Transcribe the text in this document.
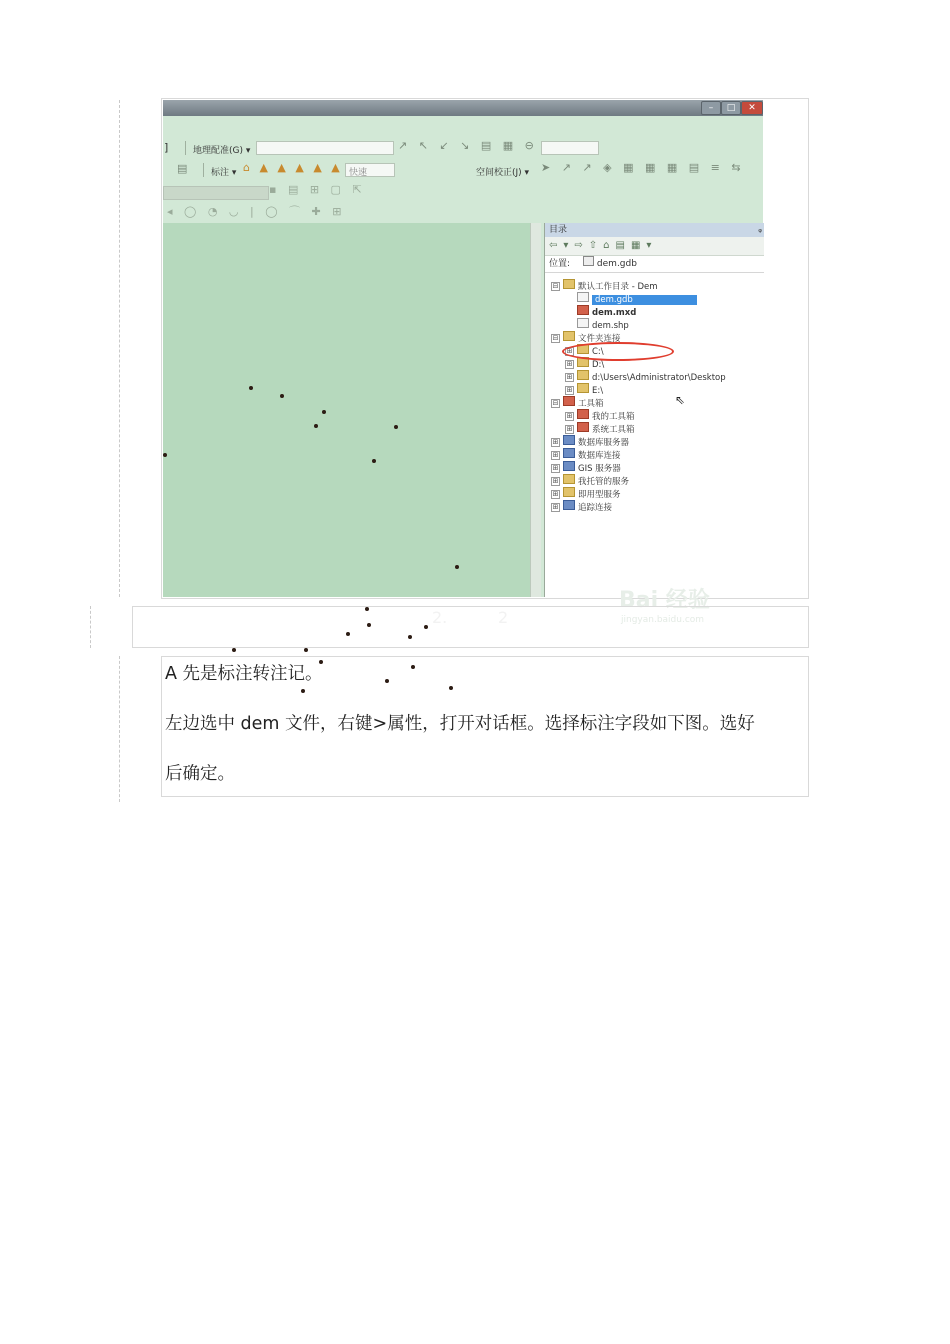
–	□	✕
]	地理配准(G) ▾	↗ ↖ ↙ ↘ ▤ ▦ ⊖
▤	标注 ▾ ⌂ ▲ ▲ ▲ ▲ ▲ 快速	空间校正(J) ▾ ➤ ↗ ↗ ◈ ▦ ▦ ▦ ▤ ≡ ⇆
▪ ▤ ⊞ ▢ ⇱
◂ ◯ ◔ ◡ | ◯ ⌒ ✚ ⊞
目录	ᵩ
⇦▾⇨⇧⌂▤▦▾
位置:	dem.gdb
⊟ 默认工作目录 - Dem
dem.gdb
dem.mxd
dem.shp
⊟ 文件夹连接
⊞ C:\
⊞ D:\
⊞ d:\Users\Administrator\Desktop
⊞ E:\
⊟ 工具箱
⊞ 我的工具箱
⊞ 系统工具箱
⊞ 数据库服务器
⊞ 数据库连接
⊞ GIS 服务器
⊞ 我托管的服务
⊞ 即用型服务
⊞ 追踪连接
⇖
Bai 经验
jingyan.baidu.com
2.	2
A 先是标注转注记。
左边选中 dem 文件，右键>属性，打开对话框。选择标注字段如下图。选好
后确定。
